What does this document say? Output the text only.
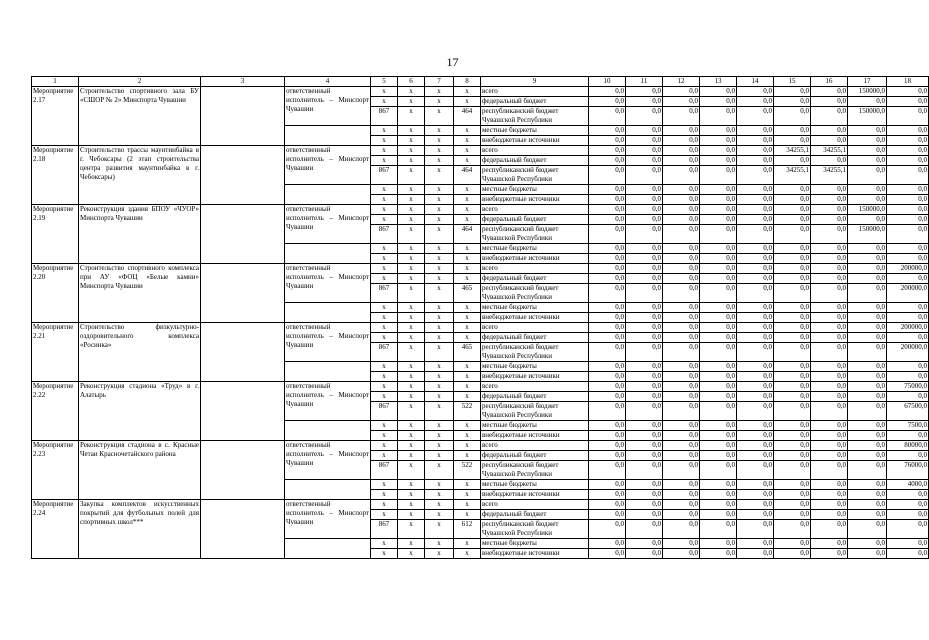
17
1	2	3	4	5	6	7	8	9	10	11	12	13	14	15	16	17	18
Мероприятие 2.17	Строительство спортивного зала БУ «СШОР № 2» Минспорта Чувашии		ответственный исполнитель – Минспорт Чувашии	x	x	x	x	всего	0,0	0,0	0,0	0,0	0,0	0,0	0,0	150000,0	0,0
				x	x	x	x	федеральный бюджет	0,0	0,0	0,0	0,0	0,0	0,0	0,0	0,0	0,0
				867	x	x	464	республиканский бюджет Чувашской Республики	0,0	0,0	0,0	0,0	0,0	0,0	0,0	150000,0	0,0
				x	x	x	x	местные бюджеты	0,0	0,0	0,0	0,0	0,0	0,0	0,0	0,0	0,0
				x	x	x	x	внебюджетные источники	0,0	0,0	0,0	0,0	0,0	0,0	0,0	0,0	0,0
Мероприятие 2.18	Строительство трассы маунтинбайка в г. Чебоксары (2 этап строительства центра развития маунтинбайка в г. Чебоксары)		ответственный исполнитель – Минспорт Чувашии	x	x	x	x	всего	0,0	0,0	0,0	0,0	0,0	34255,1	34255,1	0,0	0,0
				x	x	x	x	федеральный бюджет	0,0	0,0	0,0	0,0	0,0	0,0	0,0	0,0	0,0
				867	x	x	464	республиканский бюджет Чувашской Республики	0,0	0,0	0,0	0,0	0,0	34255,1	34255,1	0,0	0,0
				x	x	x	x	местные бюджеты	0,0	0,0	0,0	0,0	0,0	0,0	0,0	0,0	0,0
				x	x	x	x	внебюджетные источники	0,0	0,0	0,0	0,0	0,0	0,0	0,0	0,0	0,0
Мероприятие 2.19	Реконструкция здания БПОУ «ЧУОР» Минспорта Чувашии		ответственный исполнитель – Минспорт Чувашии	x	x	x	x	всего	0,0	0,0	0,0	0,0	0,0	0,0	0,0	150000,0	0,0
				x	x	x	x	федеральный бюджет	0,0	0,0	0,0	0,0	0,0	0,0	0,0	0,0	0,0
				867	x	x	464	республиканский бюджет Чувашской Республики	0,0	0,0	0,0	0,0	0,0	0,0	0,0	150000,0	0,0
				x	x	x	x	местные бюджеты	0,0	0,0	0,0	0,0	0,0	0,0	0,0	0,0	0,0
				x	x	x	x	внебюджетные источники	0,0	0,0	0,0	0,0	0,0	0,0	0,0	0,0	0,0
Мероприятие 2.20	Строительство спортивного комплекса при АУ «ФОЦ «Белые камни» Минспорта Чувашии		ответственный исполнитель – Минспорт Чувашии	x	x	x	x	всего	0,0	0,0	0,0	0,0	0,0	0,0	0,0	0,0	200000,0
				x	x	x	x	федеральный бюджет	0,0	0,0	0,0	0,0	0,0	0,0	0,0	0,0	0,0
				867	x	x	465	республиканский бюджет Чувашской Республики	0,0	0,0	0,0	0,0	0,0	0,0	0,0	0,0	200000,0
				x	x	x	x	местные бюджеты	0,0	0,0	0,0	0,0	0,0	0,0	0,0	0,0	0,0
				x	x	x	x	внебюджетные источники	0,0	0,0	0,0	0,0	0,0	0,0	0,0	0,0	0,0
Мероприятие 2.21	Строительство физкультурно-оздоровительного комплекса «Росинка»		ответственный исполнитель – Минспорт Чувашии	x	x	x	x	всего	0,0	0,0	0,0	0,0	0,0	0,0	0,0	0,0	200000,0
				x	x	x	x	федеральный бюджет	0,0	0,0	0,0	0,0	0,0	0,0	0,0	0,0	0,0
				867	x	x	465	республиканский бюджет Чувашской Республики	0,0	0,0	0,0	0,0	0,0	0,0	0,0	0,0	200000,0
				x	x	x	x	местные бюджеты	0,0	0,0	0,0	0,0	0,0	0,0	0,0	0,0	0,0
				x	x	x	x	внебюджетные источники	0,0	0,0	0,0	0,0	0,0	0,0	0,0	0,0	0,0
Мероприятие 2.22	Реконструкция стадиона «Труд» в г. Алатырь		ответственный исполнитель – Минспорт Чувашии	x	x	x	x	всего	0,0	0,0	0,0	0,0	0,0	0,0	0,0	0,0	75000,0
				x	x	x	x	федеральный бюджет	0,0	0,0	0,0	0,0	0,0	0,0	0,0	0,0	0,0
				867	x	x	522	республиканский бюджет Чувашской Республики	0,0	0,0	0,0	0,0	0,0	0,0	0,0	0,0	67500,0
				x	x	x	x	местные бюджеты	0,0	0,0	0,0	0,0	0,0	0,0	0,0	0,0	7500,0
				x	x	x	x	внебюджетные источники	0,0	0,0	0,0	0,0	0,0	0,0	0,0	0,0	0,0
Мероприятие 2.23	Реконструкция стадиона в с. Красные Четаи Красночетайского района		ответственный исполнитель – Минспорт Чувашии	x	x	x	x	всего	0,0	0,0	0,0	0,0	0,0	0,0	0,0	0,0	80000,0
				x	x	x	x	федеральный бюджет	0,0	0,0	0,0	0,0	0,0	0,0	0,0	0,0	0,0
				867	x	x	522	республиканский бюджет Чувашской Республики	0,0	0,0	0,0	0,0	0,0	0,0	0,0	0,0	76000,0
				x	x	x	x	местные бюджеты	0,0	0,0	0,0	0,0	0,0	0,0	0,0	0,0	4000,0
				x	x	x	x	внебюджетные источники	0,0	0,0	0,0	0,0	0,0	0,0	0,0	0,0	0,0
Мероприятие 2.24	Закупка комплектов искусственных покрытий для футбольных полей для спортивных школ***		ответственный исполнитель – Минспорт Чувашии	x	x	x	x	всего	0,0	0,0	0,0	0,0	0,0	0,0	0,0	0,0	0,0
				x	x	x	x	федеральный бюджет	0,0	0,0	0,0	0,0	0,0	0,0	0,0	0,0	0,0
				867	x	x	612	республиканский бюджет Чувашской Республики	0,0	0,0	0,0	0,0	0,0	0,0	0,0	0,0	0,0
				x	x	x	x	местные бюджеты	0,0	0,0	0,0	0,0	0,0	0,0	0,0	0,0	0,0
				x	x	x	x	внебюджетные источники	0,0	0,0	0,0	0,0	0,0	0,0	0,0	0,0	0,0
